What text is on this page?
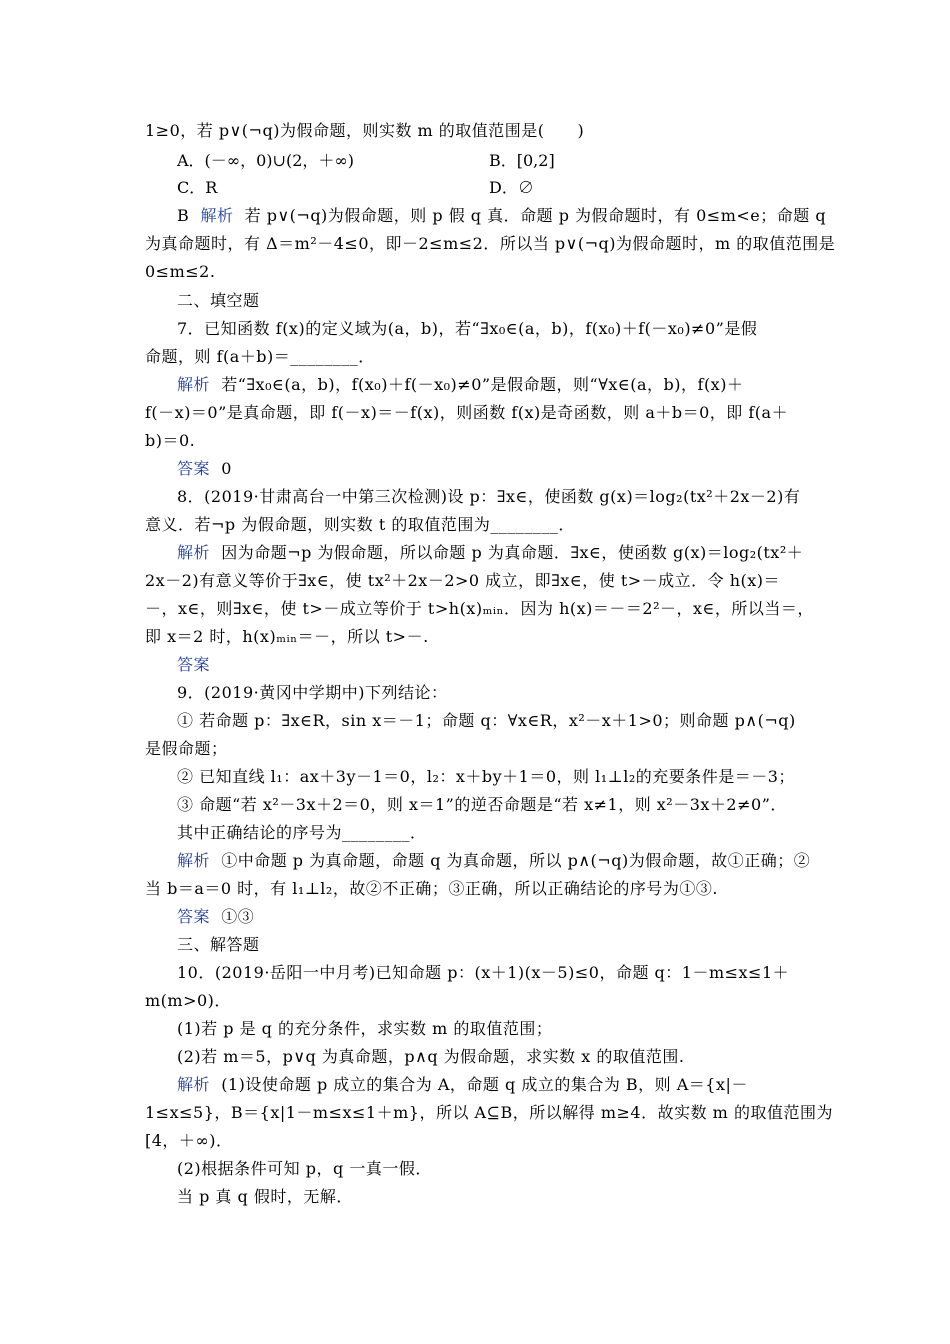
1≥0，若 p∨(¬q)为假命题，则实数 m 的取值范围是(　　)
A．(－∞，0)∪(2，＋∞)	B．[0,2]
C．R	D．∅
B 解析 若 p∨(¬q)为假命题，则 p 假 q 真．命题 p 为假命题时，有 0≤m<e；命题 q
为真命题时，有 Δ＝m²－4≤0，即－2≤m≤2．所以当 p∨(¬q)为假命题时，m 的取值范围是
0≤m≤2.
二、填空题
7．已知函数 f(x)的定义域为(a，b)，若“∃x₀∈(a，b)，f(x₀)＋f(－x₀)≠0”是假
命题，则 f(a＋b)＝________．
解析 若“∃x₀∈(a，b)，f(x₀)＋f(－x₀)≠0”是假命题，则“∀x∈(a，b)，f(x)＋
f(－x)＝0”是真命题，即 f(－x)＝－f(x)，则函数 f(x)是奇函数，则 a＋b＝0，即 f(a＋
b)＝0.
答案 0
8．(2019·甘肃高台一中第三次检测)设 p：∃x∈，使函数 g(x)＝log₂(tx²＋2x－2)有
意义．若¬p 为假命题，则实数 t 的取值范围为________．
解析 因为命题¬p 为假命题，所以命题 p 为真命题．∃x∈，使函数 g(x)＝log₂(tx²＋
2x－2)有意义等价于∃x∈，使 tx²＋2x－2>0 成立，即∃x∈，使 t>－成立．令 h(x)＝
－，x∈，则∃x∈，使 t>－成立等价于 t>h(x)ₘᵢₙ．因为 h(x)＝－＝2²－，x∈，所以当＝，
即 x＝2 时，h(x)ₘᵢₙ＝－，所以 t>－.
答案
9．(2019·黄冈中学期中)下列结论：
① 若命题 p：∃x∈R，sin x＝－1；命题 q：∀x∈R，x²－x＋1>0；则命题 p∧(¬q)
是假命题；
② 已知直线 l₁：ax＋3y－1＝0，l₂：x＋by＋1＝0，则 l₁⊥l₂的充要条件是＝－3；
③ 命题“若 x²－3x＋2＝0，则 x＝1”的逆否命题是“若 x≠1，则 x²－3x＋2≠0”．
其中正确结论的序号为________．
解析 ①中命题 p 为真命题，命题 q 为真命题，所以 p∧(¬q)为假命题，故①正确；②
当 b＝a＝0 时，有 l₁⊥l₂，故②不正确；③正确，所以正确结论的序号为①③.
答案 ①③
三、解答题
10．(2019·岳阳一中月考)已知命题 p：(x＋1)(x－5)≤0，命题 q：1－m≤x≤1＋
m(m>0)．
(1)若 p 是 q 的充分条件，求实数 m 的取值范围；
(2)若 m＝5，p∨q 为真命题，p∧q 为假命题，求实数 x 的取值范围.
解析 (1)设使命题 p 成立的集合为 A，命题 q 成立的集合为 B，则 A＝{x|－
1≤x≤5}，B＝{x|1－m≤x≤1＋m}，所以 A⊆B，所以解得 m≥4．故实数 m 的取值范围为
[4，＋∞)．
(2)根据条件可知 p，q 一真一假．
当 p 真 q 假时，无解．
